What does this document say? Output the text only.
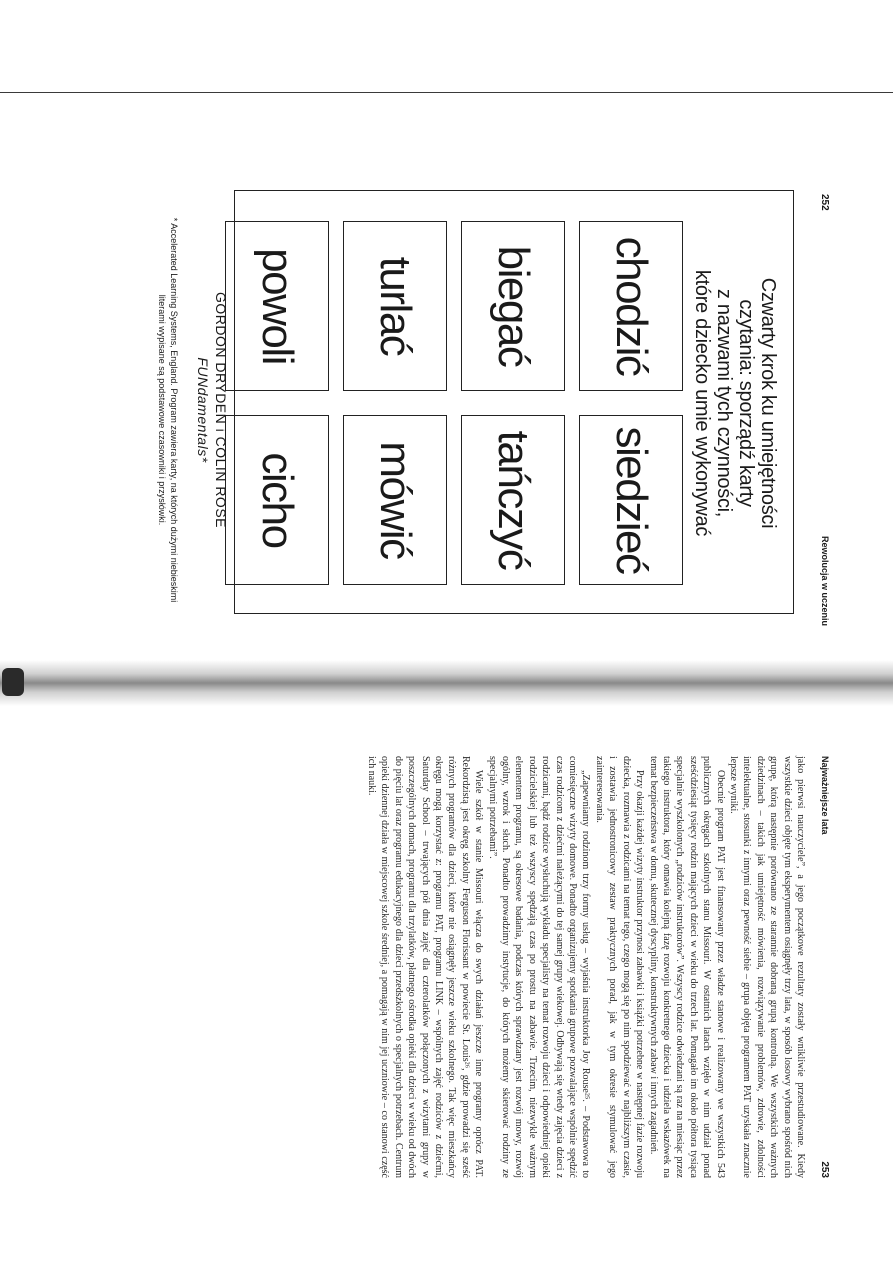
252
Rewolucja w uczeniu
Czwarty krok ku umiejętności
czytania: sporządź karty
z nazwami tych czynności,
które dziecko umie wykonywać
chodzić
siedzieć
biegać
tańczyć
turlać
mówić
powoli
cicho
GORDON DRYDEN i COLIN ROSE
FUNdamentals*
* Accelerated Learning Systems, England. Program zawiera karty, na których dużymi niebieskimi literami wypisane są podstawowe czasowniki i przysłówki.
Najważniejsze lata
253

jako pierwsi nauczyciele”, a jego początkowe rezultaty zostały wnikliwie przestudiowane. Kiedy wszystkie dzieci objęte tym eksperymentem osiągnęły trzy lata, w sposób losowy wybrano spośród nich grupę, którą następnie porównano ze starannie dobraną grupą kontrolną. We wszystkich ważnych dziedzinach – takich jak umiejętność mówienia, rozwiązywanie problemów, zdrowie, zdolności intelektualne, stosunki z innymi oraz pewność siebie – grupa objęta programem PAT uzyskała znacznie lepsze wyniki.

Obecnie program PAT jest finansowany przez władze stanowe i realizowany we wszystkich 543 publicznych okręgach szkolnych stanu Missouri. W ostatnich latach wzięło w nim udział ponad sześćdziesiąt tysięcy rodzin mających dzieci w wieku do trzech lat. Pomagało im około półtora tysiąca specjalnie wyszkolonych „rodziców instruktorów”. Wszyscy rodzice odwiedzani są raz na miesiąc przez takiego instruktora, który omawia kolejną fazę rozwoju konkretnego dziecka i udziela wskazówek na temat bezpieczeństwa w domu, skutecznej dyscypliny, konstruktywnych zabaw i innych zagadnień.

Przy okazji każdej wizyty instruktor przynosi zabawki i książki potrzebne w następnej fazie rozwoju dziecka, rozmawia z rodzicami na temat tego, czego mogą się po nim spodziewać w najbliższym czasie, i zostawia jednostronicowy zestaw praktycznych porad, jak w tym okresie stymulować jego zainteresowania.

„Zapewniamy rodzinom trzy formy usług – wyjaśnia instruktorka Joy Rouse²⁵. – Podstawowa to comiesięczne wizyty domowe. Ponadto organizujemy spotkania grupowe pozwalające wspólnie spędzić czas rodzicom z dziećmi należącymi do tej samej grupy wiekowej. Odbywają się wtedy zajęcia dzieci z rodzicami, bądź rodzice wysłuchują wykładu specjalisty na temat rozwoju dzieci i odpowiedniej opieki rodzicielskiej lub też wszyscy spędzają czas po prostu na zabawie. Trzecim, niezwykle ważnym elementem programu, są okresowe badania, podczas których sprawdzany jest rozwój mowy, rozwój ogólny, wzrok i słuch. Ponadto prowadzimy instytucje, do których możemy skierować rodziny ze specjalnymi potrzebami”.

Wiele szkół w stanie Missouri włącza do swych działań jeszcze inne programy oprócz PAT. Rekordzistą jest okręg szkolny Ferguson Florissant w powiecie St. Louis²⁶, gdzie prowadzi się sześć różnych programów dla dzieci, które nie osiągnęły jeszcze wieku szkolnego. Tak więc mieszkańcy okręgu mogą korzystać z: programu PAT, programu LINK – wspólnych zajęć rodziców z dziećmi, Saturday School – trwających pół dnia zajęć dla czterolatków połączonych z wizytami grupy w poszczególnych domach, programu dla trzylatków, płatnego ośrodka opieki dla dzieci w wieku od dwóch do pięciu lat oraz programu edukacyjnego dla dzieci przedszkolnych o specjalnych potrzebach. Centrum opieki dziennej działa w miejscowej szkole średniej, a pomagają w nim jej uczniowie – co stanowi część ich nauki.
